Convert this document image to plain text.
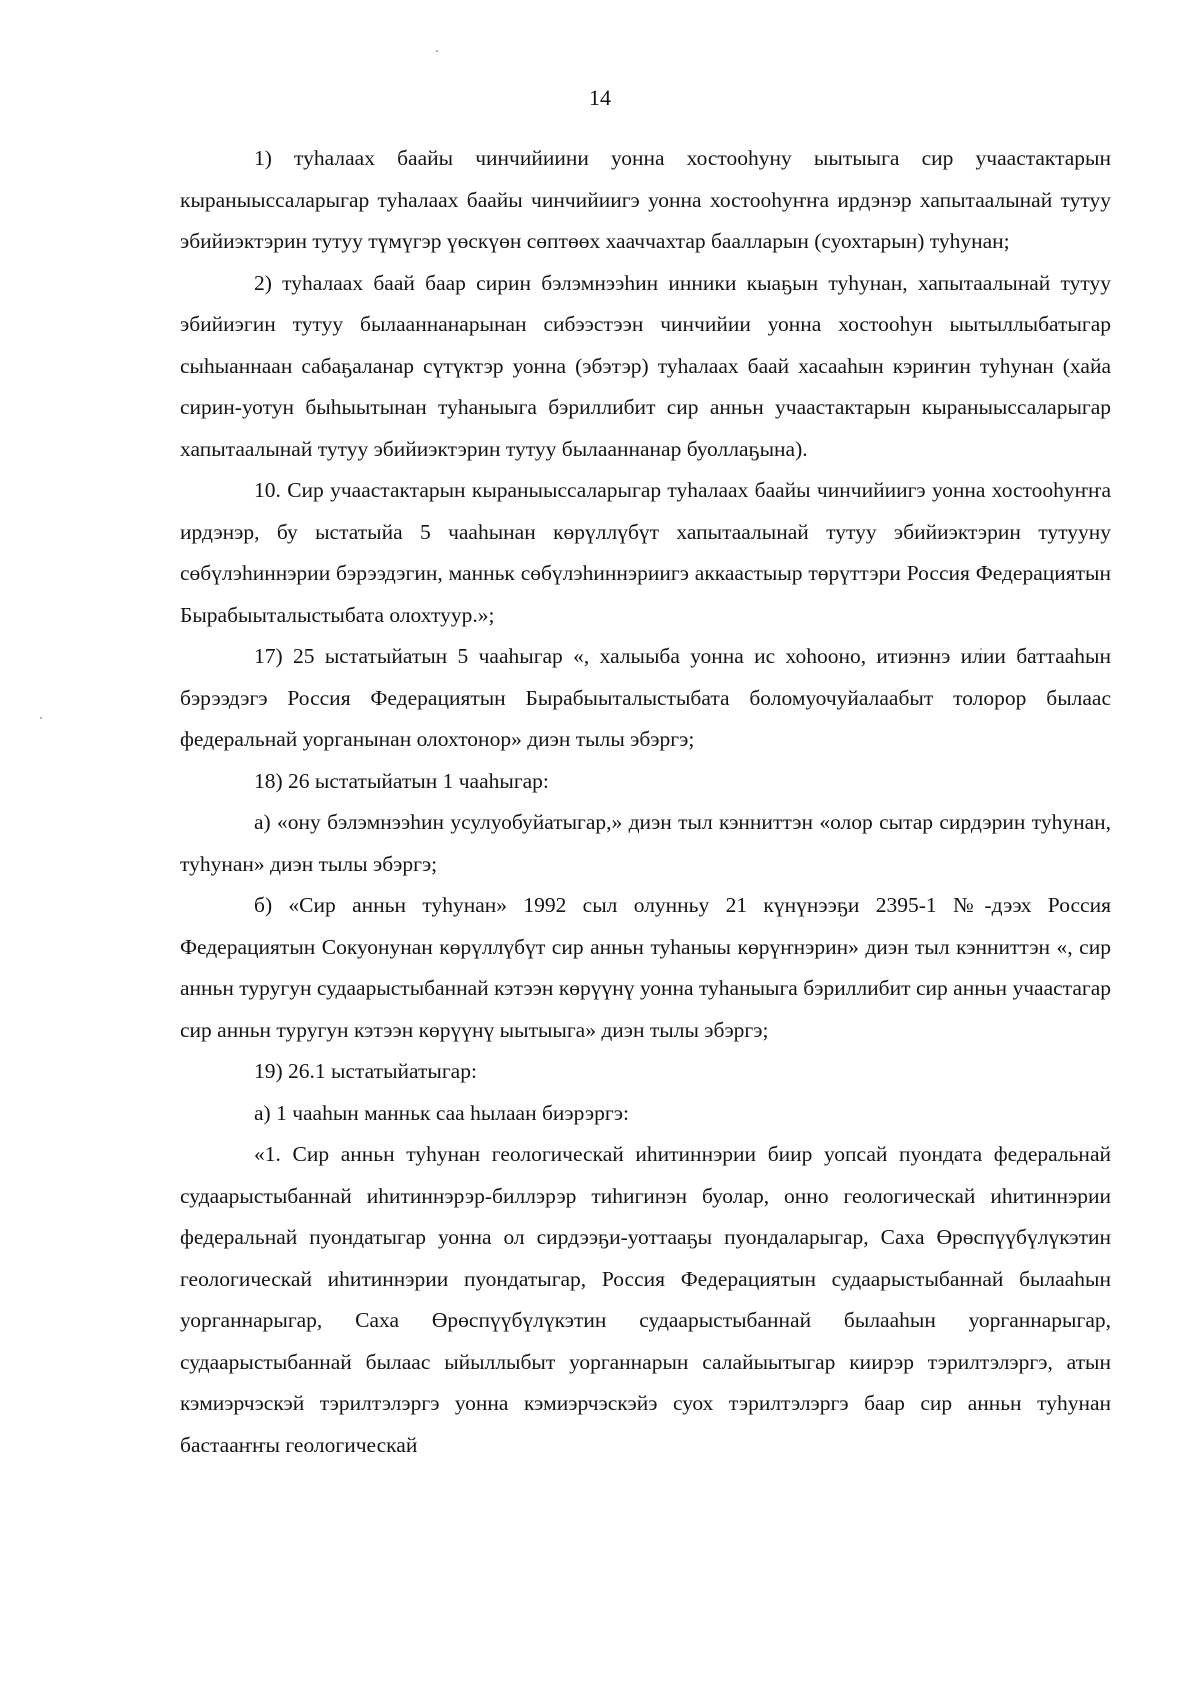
14

1) туһалаах баайы чинчийиини уонна хостооһуну ыытыыга сир учаастактарын кыраныыссаларыгар туһалаах баайы чинчийиигэ уонна хостооһуҥҥа ирдэнэр хапытаалынай тутуу эбийиэктэрин тутуу түмүгэр үөскүөн сөптөөх хааччахтар баалларын (суохтарын) туһунан;

2) туһалаах баай баар сирин бэлэмнээһин инники кыаҕын туһунан, хапытаалынай тутуу эбийиэгин тутуу былааннанарынан сибээстээн чинчийии уонна хостооһун ыытыллыбатыгар сыһыаннаан сабаҕаланар сүтүктэр уонна (эбэтэр) туһалаах баай хасааһын кэриҥин туһунан (хайа сирин-уотун быһыытынан туһаныыга бэриллибит сир анньн учаастактарын кыраныыссаларыгар хапытаалынай тутуу эбийиэктэрин тутуу былааннанар буоллаҕына).

10. Сир учаастактарын кыраныыссаларыгар туһалаах баайы чинчийиигэ уонна хостооһуҥҥа ирдэнэр, бу ыстатыйа 5 чааһынан көрүллүбүт хапытаалынай тутуу эбийиэктэрин тутууну сөбүлэһиннэрии бэрээдэгин, манньк сөбүлэһиннэриигэ аккаастыыр төрүттэри Россия Федерациятын Бырабыыталыстыбата олохтуур.»;

17) 25 ыстатыйатын 5 чааһыгар «, халыыба уонна ис хоһооно, итиэннэ илии баттааһын бэрээдэгэ Россия Федерациятын Бырабыыталыстыбата боломуочуйалаабыт толорор былаас федеральнай уорганынан олохтонор» диэн тылы эбэргэ;

18) 26 ыстатыйатын 1 чааһыгар:

а) «ону бэлэмнээһин усулуобуйатыгар,» диэн тыл кэнниттэн «олор сытар сирдэрин туһунан, туһунан» диэн тылы эбэргэ;

б) «Сир анньн туһунан» 1992 сыл олунньу 21 күнүнээҕи 2395-1 №-дээх Россия Федерациятын Сокуонунан көрүллүбүт сир анньн туһаныы көрүҥнэрин» диэн тыл кэнниттэн «, сир анньн туругун судаарыстыбаннай кэтээн көрүүнү уонна туһаныыга бэриллибит сир анньн учаастагар сир анньн туругун кэтээн көрүүнү ыытыыга» диэн тылы эбэргэ;

19) 26.1 ыстатыйатыгар:

а) 1 чааһын манньк саа һылаан биэрэргэ:

«1. Сир анньн туһунан геологическай иһитиннэрии биир уопсай пуондата федеральнай судаарыстыбаннай иһитиннэрэр-биллэрэр тиһигинэн буолар, онно геологическай иһитиннэрии федеральнай пуондатыгар уонна ол сирдээҕи-уоттааҕы пуондаларыгар, Саха Өрөспүүбүлүкэтин геологическай иһитиннэрии пуондатыгар, Россия Федерациятын судаарыстыбаннай былааһын уорганнарыгар, Саха Өрөспүүбүлүкэтин судаарыстыбаннай былааһын уорганнарыгар, судаарыстыбаннай былаас ыйыллыбыт уорганнарын салайыытыгар киирэр тэрилтэлэргэ, атын кэмиэрчэскэй тэрилтэлэргэ уонна кэмиэрчэскэйэ суох тэрилтэлэргэ баар сир анньн туһунан бастааҥҥы геологическай
